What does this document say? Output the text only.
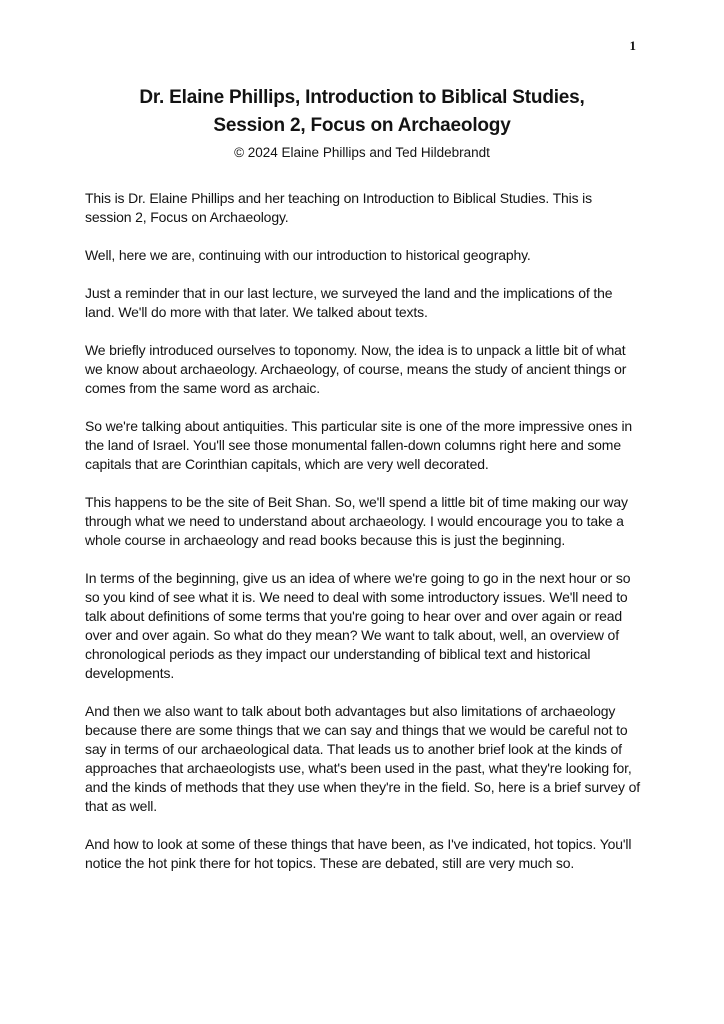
1
Dr. Elaine Phillips, Introduction to Biblical Studies,
Session 2, Focus on Archaeology
© 2024 Elaine Phillips and Ted Hildebrandt

This is Dr. Elaine Phillips and her teaching on Introduction to Biblical Studies. This is session 2, Focus on Archaeology.

Well, here we are, continuing with our introduction to historical geography.

Just a reminder that in our last lecture, we surveyed the land and the implications of the land. We'll do more with that later. We talked about texts.

We briefly introduced ourselves to toponomy. Now, the idea is to unpack a little bit of what we know about archaeology. Archaeology, of course, means the study of ancient things or comes from the same word as archaic.

So we're talking about antiquities. This particular site is one of the more impressive ones in the land of Israel. You'll see those monumental fallen-down columns right here and some capitals that are Corinthian capitals, which are very well decorated.

This happens to be the site of Beit Shan. So, we'll spend a little bit of time making our way through what we need to understand about archaeology. I would encourage you to take a whole course in archaeology and read books because this is just the beginning.

In terms of the beginning, give us an idea of where we're going to go in the next hour or so so you kind of see what it is. We need to deal with some introductory issues. We'll need to talk about definitions of some terms that you're going to hear over and over again or read over and over again. So what do they mean? We want to talk about, well, an overview of chronological periods as they impact our understanding of biblical text and historical developments.

And then we also want to talk about both advantages but also limitations of archaeology because there are some things that we can say and things that we would be careful not to say in terms of our archaeological data. That leads us to another brief look at the kinds of approaches that archaeologists use, what's been used in the past, what they're looking for, and the kinds of methods that they use when they're in the field. So, here is a brief survey of that as well.

And how to look at some of these things that have been, as I've indicated, hot topics. You'll notice the hot pink there for hot topics. These are debated, still are very much so.
